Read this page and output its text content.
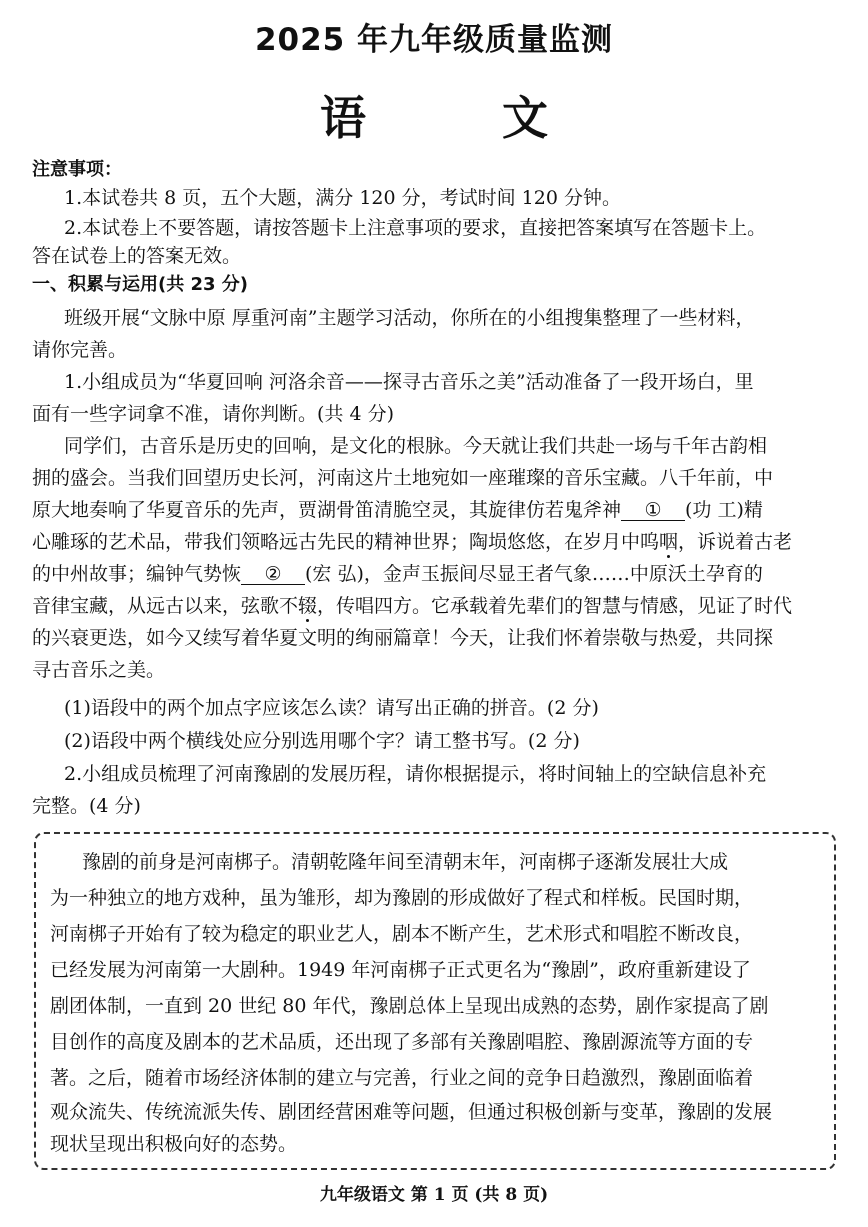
2025 年九年级质量监测
语 文
注意事项：
1.本试卷共 8 页，五个大题，满分 120 分，考试时间 120 分钟。
2.本试卷上不要答题，请按答题卡上注意事项的要求，直接把答案填写在答题卡上。
答在试卷上的答案无效。
一、积累与运用(共 23 分)
班级开展“文脉中原 厚重河南”主题学习活动，你所在的小组搜集整理了一些材料，
请你完善。
1.小组成员为“华夏回响 河洛余音——探寻古音乐之美”活动准备了一段开场白，里
面有一些字词拿不准，请你判断。(共 4 分)
同学们，古音乐是历史的回响，是文化的根脉。今天就让我们共赴一场与千年古韵相
拥的盛会。当我们回望历史长河，河南这片土地宛如一座璀璨的音乐宝藏。八千年前，中
原大地奏响了华夏音乐的先声，贾湖骨笛清脆空灵，其旋律仿若鬼斧神 ① (功 工)精
心雕琢的艺术品，带我们领略远古先民的精神世界；陶埙悠悠，在岁月中呜咽，诉说着古老
的中州故事；编钟气势恢 ② (宏 弘)，金声玉振间尽显王者气象……中原沃土孕育的
音律宝藏，从远古以来，弦歌不辍，传唱四方。它承载着先辈们的智慧与情感，见证了时代
的兴衰更迭，如今又续写着华夏文明的绚丽篇章！今天，让我们怀着崇敬与热爱，共同探
寻古音乐之美。
(1)语段中的两个加点字应该怎么读？请写出正确的拼音。(2 分)
(2)语段中两个横线处应分别选用哪个字？请工整书写。(2 分)
2.小组成员梳理了河南豫剧的发展历程，请你根据提示，将时间轴上的空缺信息补充
完整。(4 分)
豫剧的前身是河南梆子。清朝乾隆年间至清朝末年，河南梆子逐渐发展壮大成
为一种独立的地方戏种，虽为雏形，却为豫剧的形成做好了程式和样板。民国时期，
河南梆子开始有了较为稳定的职业艺人，剧本不断产生，艺术形式和唱腔不断改良，
已经发展为河南第一大剧种。1949 年河南梆子正式更名为“豫剧”，政府重新建设了
剧团体制，一直到 20 世纪 80 年代，豫剧总体上呈现出成熟的态势，剧作家提高了剧
目创作的高度及剧本的艺术品质，还出现了多部有关豫剧唱腔、豫剧源流等方面的专
著。之后，随着市场经济体制的建立与完善，行业之间的竞争日趋激烈，豫剧面临着
观众流失、传统流派失传、剧团经营困难等问题，但通过积极创新与变革，豫剧的发展
现状呈现出积极向好的态势。
九年级语文 第 1 页 (共 8 页)
